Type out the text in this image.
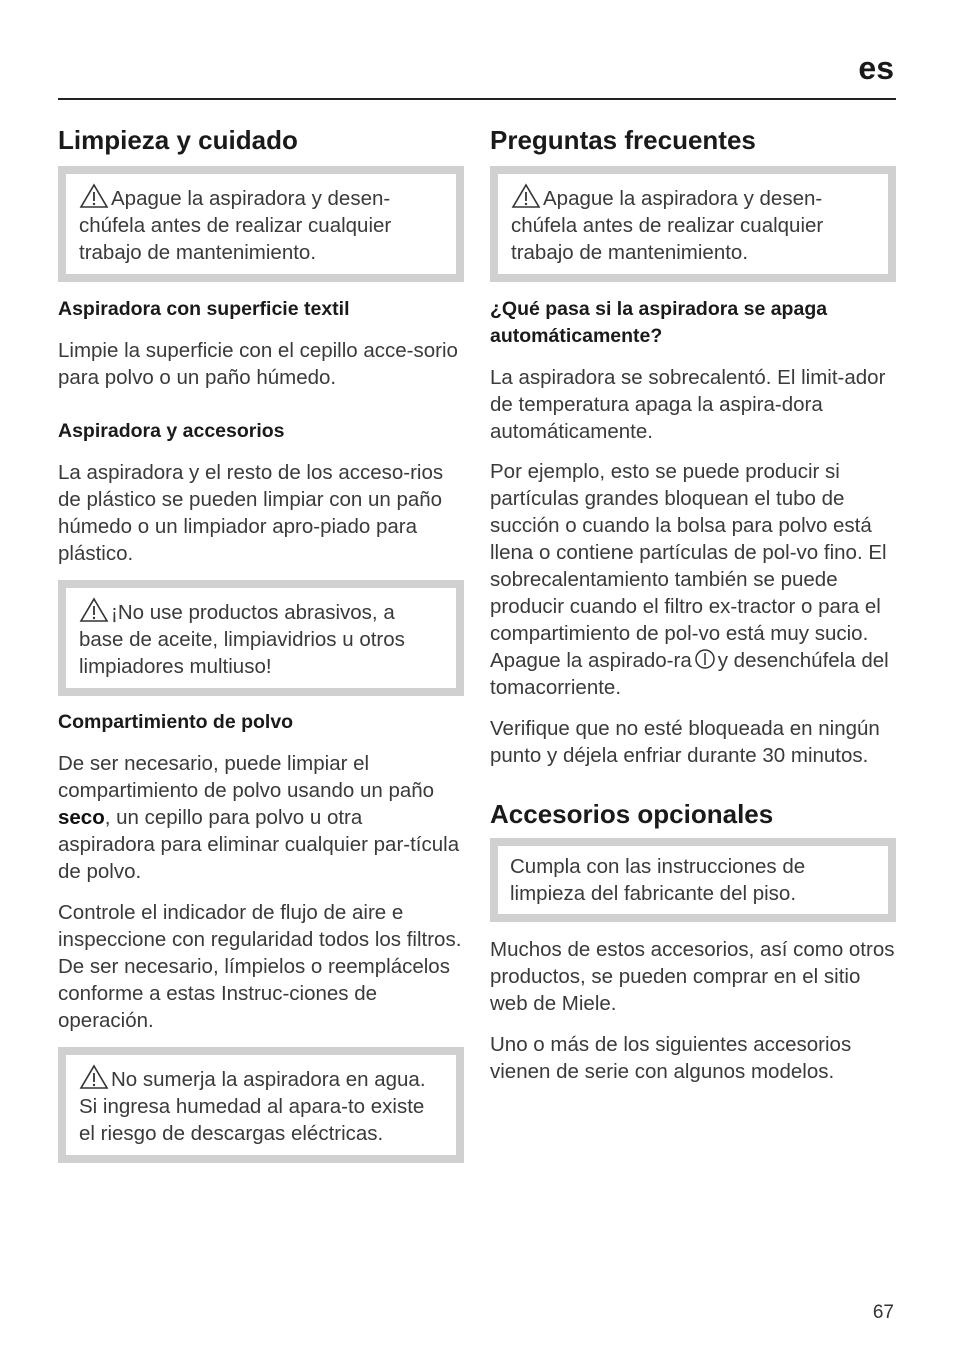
es
Limpieza y cuidado
Apague la aspiradora y desen-chúfela antes de realizar cualquier trabajo de mantenimiento.
Aspiradora con superficie textil

Limpie la superficie con el cepillo acce-sorio para polvo o un paño húmedo.

Aspiradora y accesorios

La aspiradora y el resto de los acceso-rios de plástico se pueden limpiar con un paño húmedo o un limpiador apro-piado para plástico.

¡No use productos abrasivos, a base de aceite, limpiavidrios u otros limpiadores multiuso!
Compartimiento de polvo

De ser necesario, puede limpiar el compartimiento de polvo usando un paño seco, un cepillo para polvo u otra aspiradora para eliminar cualquier par-tícula de polvo.

Controle el indicador de flujo de aire e inspeccione con regularidad todos los filtros. De ser necesario, límpielos o reemplácelos conforme a estas Instruc-ciones de operación.

No sumerja la aspiradora en agua. Si ingresa humedad al apara-to existe el riesgo de descargas eléctricas.
Preguntas frecuentes
Apague la aspiradora y desen-chúfela antes de realizar cualquier trabajo de mantenimiento.
¿Qué pasa si la aspiradora se apaga automáticamente?

La aspiradora se sobrecalentó. El limit-ador de temperatura apaga la aspira-dora automáticamente.

Por ejemplo, esto se puede producir si partículas grandes bloquean el tubo de succión o cuando la bolsa para polvo está llena o contiene partículas de pol-vo fino. El sobrecalentamiento también se puede producir cuando el filtro ex-tractor o para el compartimiento de pol-vo está muy sucio. Apague la aspirado-ra y desenchúfela del tomacorriente.

Verifique que no esté bloqueada en ningún punto y déjela enfriar durante 30 minutos.

Accesorios opcionales
Cumpla con las instrucciones de limpieza del fabricante del piso.

Muchos de estos accesorios, así como otros productos, se pueden comprar en el sitio web de Miele.

Uno o más de los siguientes accesorios vienen de serie con algunos modelos.

67
